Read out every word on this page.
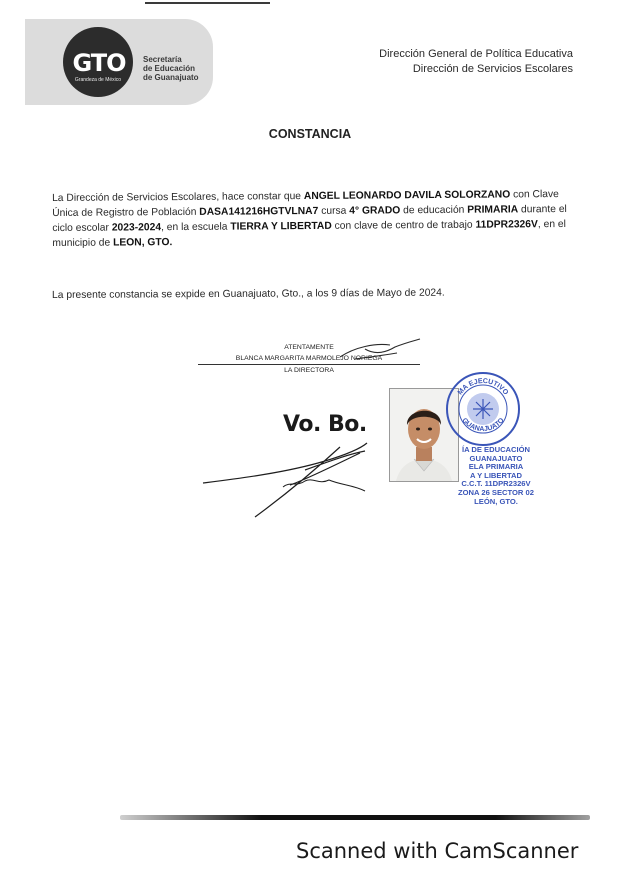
GTO
Grandeza de México
Secretaría
de Educación
de Guanajuato
Dirección General de Política Educativa
Dirección de Servicios Escolares
CONSTANCIA
La Dirección de Servicios Escolares, hace constar que ANGEL LEONARDO DAVILA SOLORZANO con Clave Única de Registro de Población DASA141216HGTVLNA7 cursa 4° GRADO de educación PRIMARIA durante el ciclo escolar 2023-2024, en la escuela TIERRA Y LIBERTAD con clave de centro de trabajo 11DPR2326V, en el municipio de LEON, GTO.
La presente constancia se expide en Guanajuato, Gto., a los 9 días de Mayo de 2024.
ATENTAMENTE
BLANCA MARGARITA MARMOLEJO NORIEGA
LA DIRECTORA
Vo. Bo.
MA EJECUTIVO
GUANAJUATO
ÍA DE EDUCACIÓN
GUANAJUATO
ELA PRIMARIA
A Y LIBERTAD
C.C.T. 11DPR2326V
ZONA 26 SECTOR 02
LEÓN, GTO.
Scanned with CamScanner
